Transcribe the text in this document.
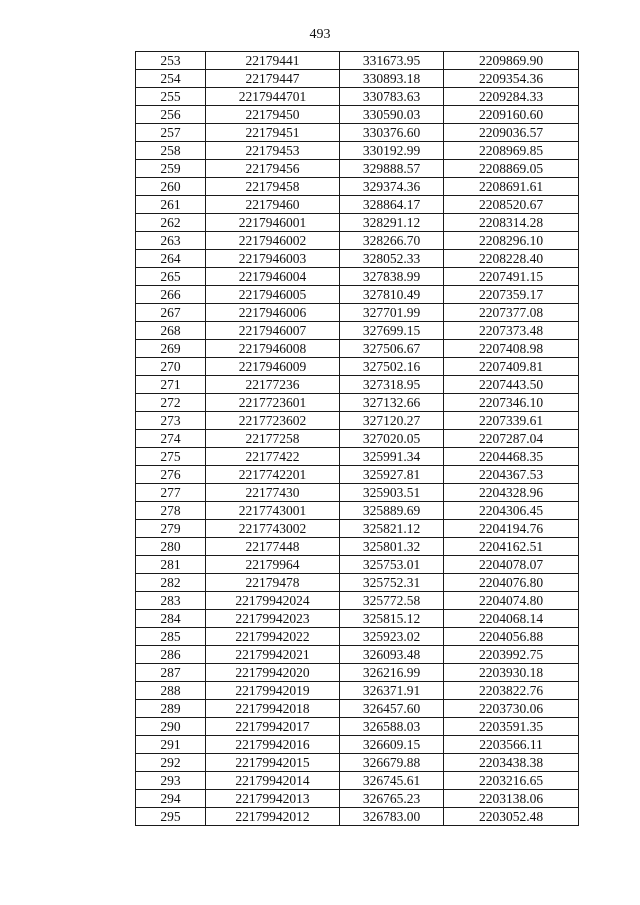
493
253	22179441	331673.95	2209869.90
254	22179447	330893.18	2209354.36
255	2217944701	330783.63	2209284.33
256	22179450	330590.03	2209160.60
257	22179451	330376.60	2209036.57
258	22179453	330192.99	2208969.85
259	22179456	329888.57	2208869.05
260	22179458	329374.36	2208691.61
261	22179460	328864.17	2208520.67
262	2217946001	328291.12	2208314.28
263	2217946002	328266.70	2208296.10
264	2217946003	328052.33	2208228.40
265	2217946004	327838.99	2207491.15
266	2217946005	327810.49	2207359.17
267	2217946006	327701.99	2207377.08
268	2217946007	327699.15	2207373.48
269	2217946008	327506.67	2207408.98
270	2217946009	327502.16	2207409.81
271	22177236	327318.95	2207443.50
272	2217723601	327132.66	2207346.10
273	2217723602	327120.27	2207339.61
274	22177258	327020.05	2207287.04
275	22177422	325991.34	2204468.35
276	2217742201	325927.81	2204367.53
277	22177430	325903.51	2204328.96
278	2217743001	325889.69	2204306.45
279	2217743002	325821.12	2204194.76
280	22177448	325801.32	2204162.51
281	22179964	325753.01	2204078.07
282	22179478	325752.31	2204076.80
283	22179942024	325772.58	2204074.80
284	22179942023	325815.12	2204068.14
285	22179942022	325923.02	2204056.88
286	22179942021	326093.48	2203992.75
287	22179942020	326216.99	2203930.18
288	22179942019	326371.91	2203822.76
289	22179942018	326457.60	2203730.06
290	22179942017	326588.03	2203591.35
291	22179942016	326609.15	2203566.11
292	22179942015	326679.88	2203438.38
293	22179942014	326745.61	2203216.65
294	22179942013	326765.23	2203138.06
295	22179942012	326783.00	2203052.48
